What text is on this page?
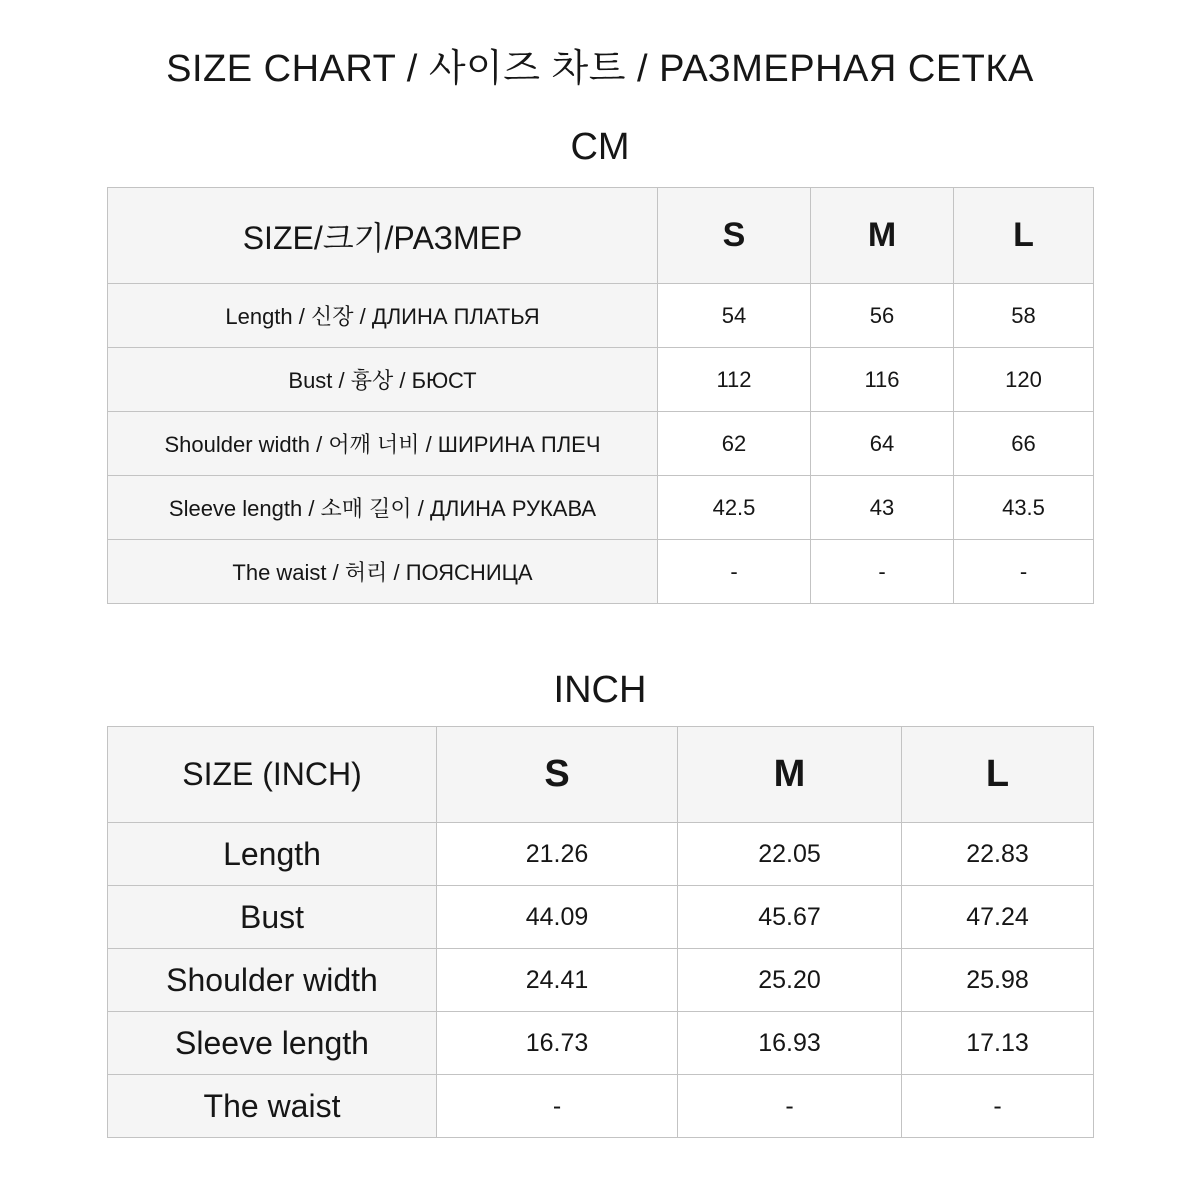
SIZE CHART / 사이즈 차트 / РАЗМЕРНАЯ СЕТКА
CM
SIZE/크기/РАЗМЕР	S	M	L
Length / 신장 / ДЛИНА ПЛАТЬЯ	54	56	58
Bust / 흉상 / БЮСТ	112	116	120
Shoulder width / 어깨 너비 / ШИРИНА ПЛЕЧ	62	64	66
Sleeve length / 소매 길이 / ДЛИНА РУКАВА	42.5	43	43.5
The waist / 허리 / ПОЯСНИЦА	-	-	-
INCH
SIZE (INCH)	S	M	L
Length	21.26	22.05	22.83
Bust	44.09	45.67	47.24
Shoulder width	24.41	25.20	25.98
Sleeve length	16.73	16.93	17.13
The waist	-	-	-
